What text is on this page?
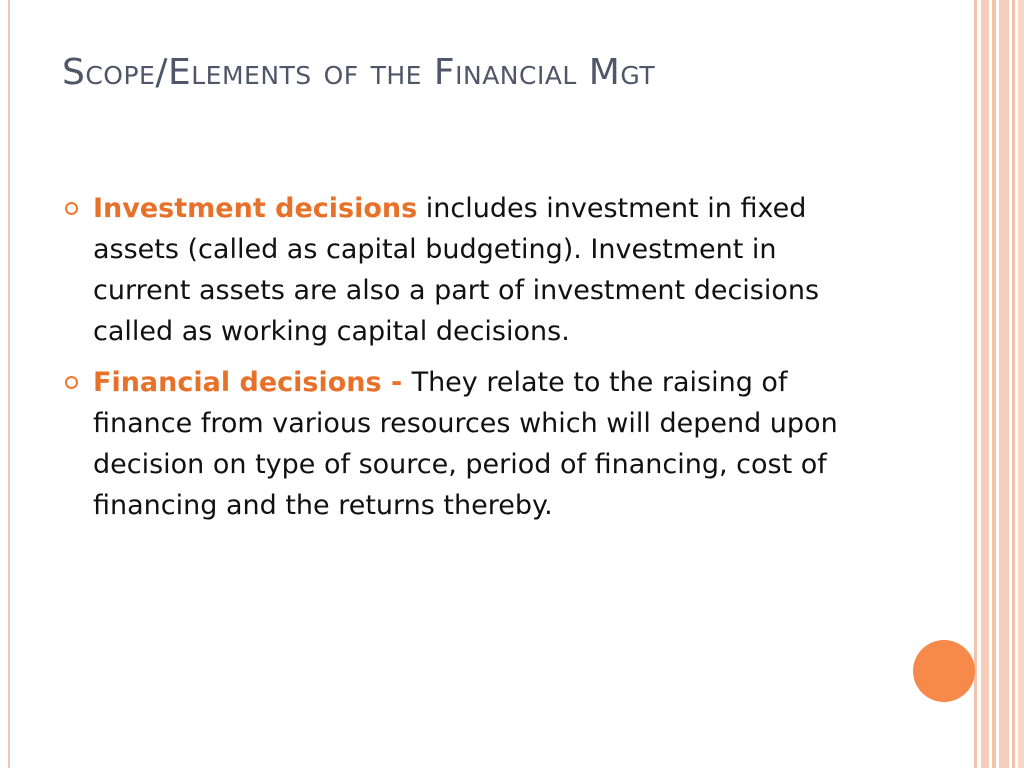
Scope/Elements of the Financial Mgt
Investment decisions includes investment in fixed assets (called as capital budgeting). Investment in current assets are also a part of investment decisions called as working capital decisions.
Financial decisions - They relate to the raising of finance from various resources which will depend upon decision on type of source, period of financing, cost of financing and the returns thereby.
